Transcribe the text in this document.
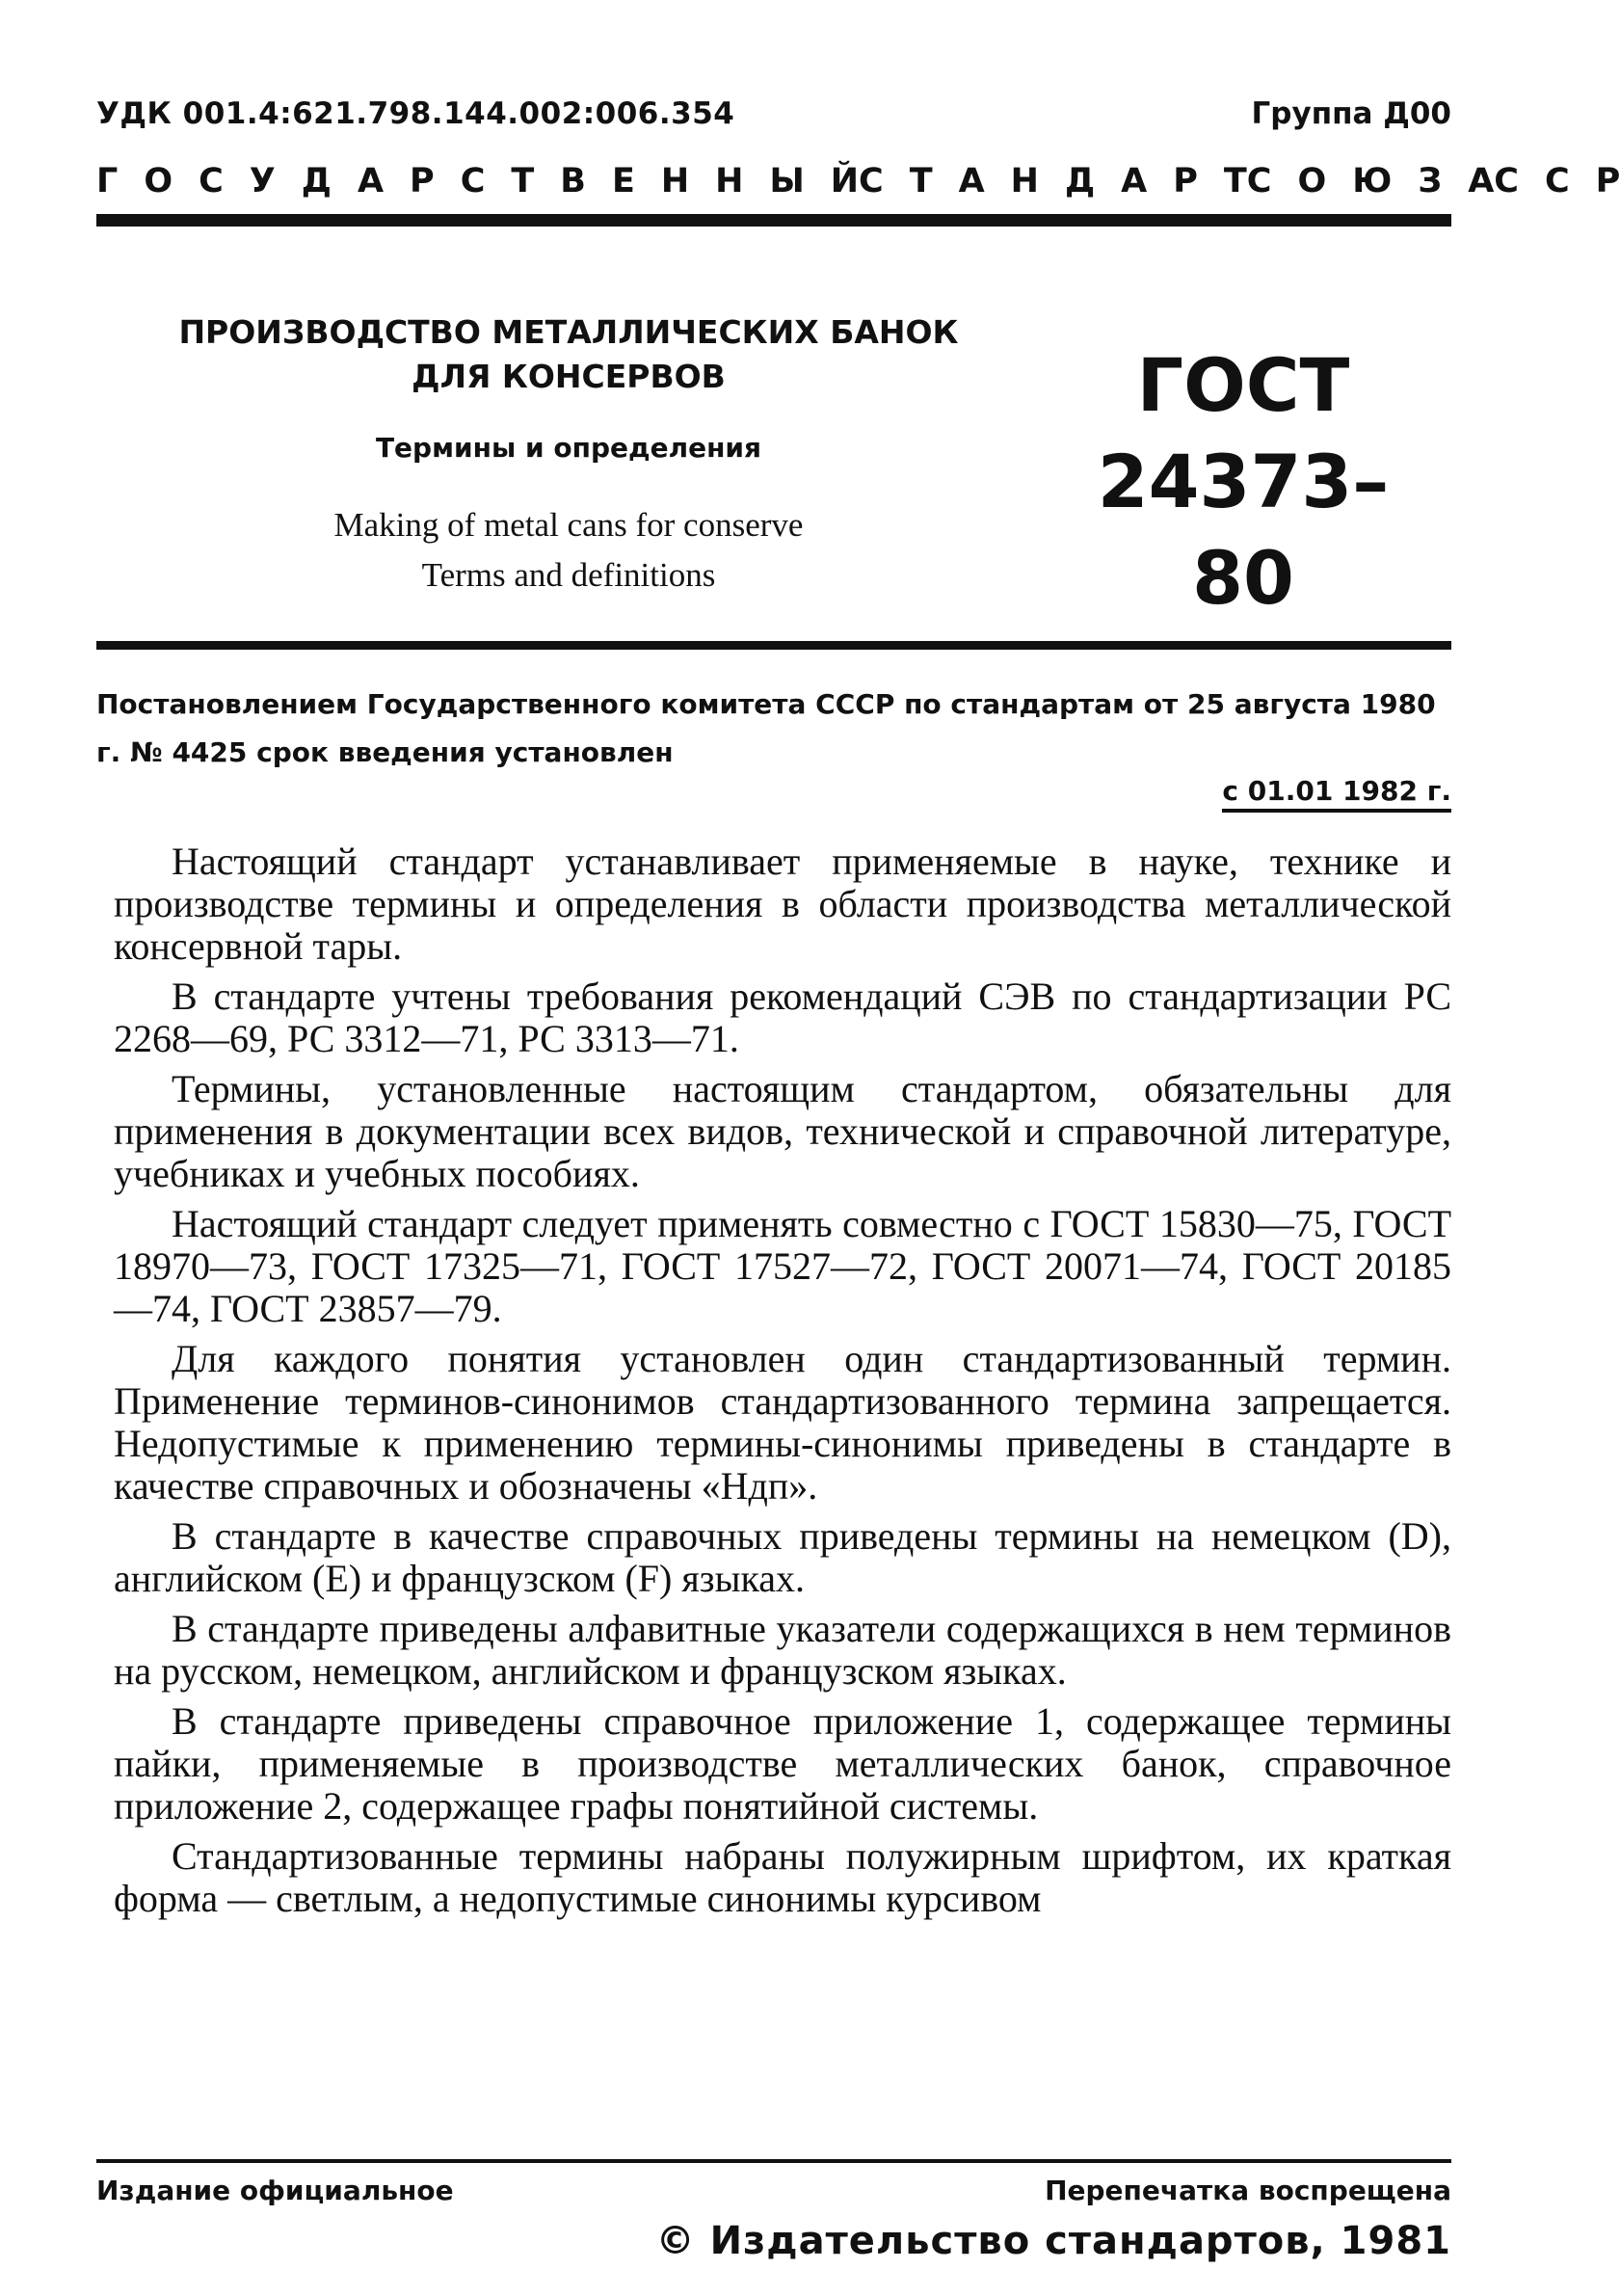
УДК 001.4:621.798.144.002:006.354	Группа Д00
Г О С У Д А Р С Т В Е Н Н Ы Й С Т А Н Д А Р Т С О Ю З А С С Р
ПРОИЗВОДСТВО МЕТАЛЛИЧЕСКИХ БАНОК
ДЛЯ КОНСЕРВОВ
Термины и определения
Making of metal cans for conserve
Terms and definitions
ГОСТ
24373–80
Постановлением Государственного комитета СССР по стандартам от 25 августа 1980 г. № 4425 срок введения установлен
с 01.01 1982 г.

Настоящий стандарт устанавливает применяемые в науке, технике и производстве термины и определения в области производства металлической консервной тары.

В стандарте учтены требования рекомендаций СЭВ по стандартизации РС 2268—69, РС 3312—71, РС 3313—71.

Термины, установленные настоящим стандартом, обязательны для применения в документации всех видов, технической и справочной литературе, учебниках и учебных пособиях.

Настоящий стандарт следует применять совместно с ГОСТ 15830—75, ГОСТ 18970—73, ГОСТ 17325—71, ГОСТ 17527—72, ГОСТ 20071—74, ГОСТ 20185—74, ГОСТ 23857—79.

Для каждого понятия установлен один стандартизованный термин. Применение терминов-синонимов стандартизованного термина запрещается. Недопустимые к применению термины-синонимы приведены в стандарте в качестве справочных и обозначены «Ндп».

В стандарте в качестве справочных приведены термины на немецком (D), английском (E) и французском (F) языках.

В стандарте приведены алфавитные указатели содержащихся в нем терминов на русском, немецком, английском и французском языках.

В стандарте приведены справочное приложение 1, содержащее термины пайки, применяемые в производстве металлических банок, справочное приложение 2, содержащее графы понятийной системы.

Стандартизованные термины набраны полужирным шрифтом, их краткая форма — светлым, а недопустимые синонимы курсивом

Издание официальное	Перепечатка воспрещена
© Издательство стандартов, 1981
